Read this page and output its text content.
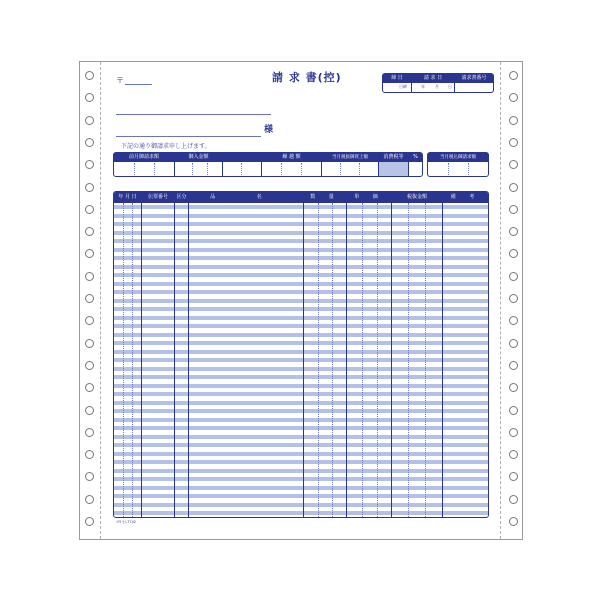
〒	請 求 書(控)
様
下記の通り御請求申し上げます。
締 日	請 求 日	請求書番号
日締	年	月 日
前月御請求額	御入金額	繰 越 額	当月税抜御買上額	消費税等	%	当月税込御請求額
年 月 日	伝票番号	区分	品 名	数 量	単 価	税抜金額	備 考
ｺｸﾖ ｾｲ-7742
